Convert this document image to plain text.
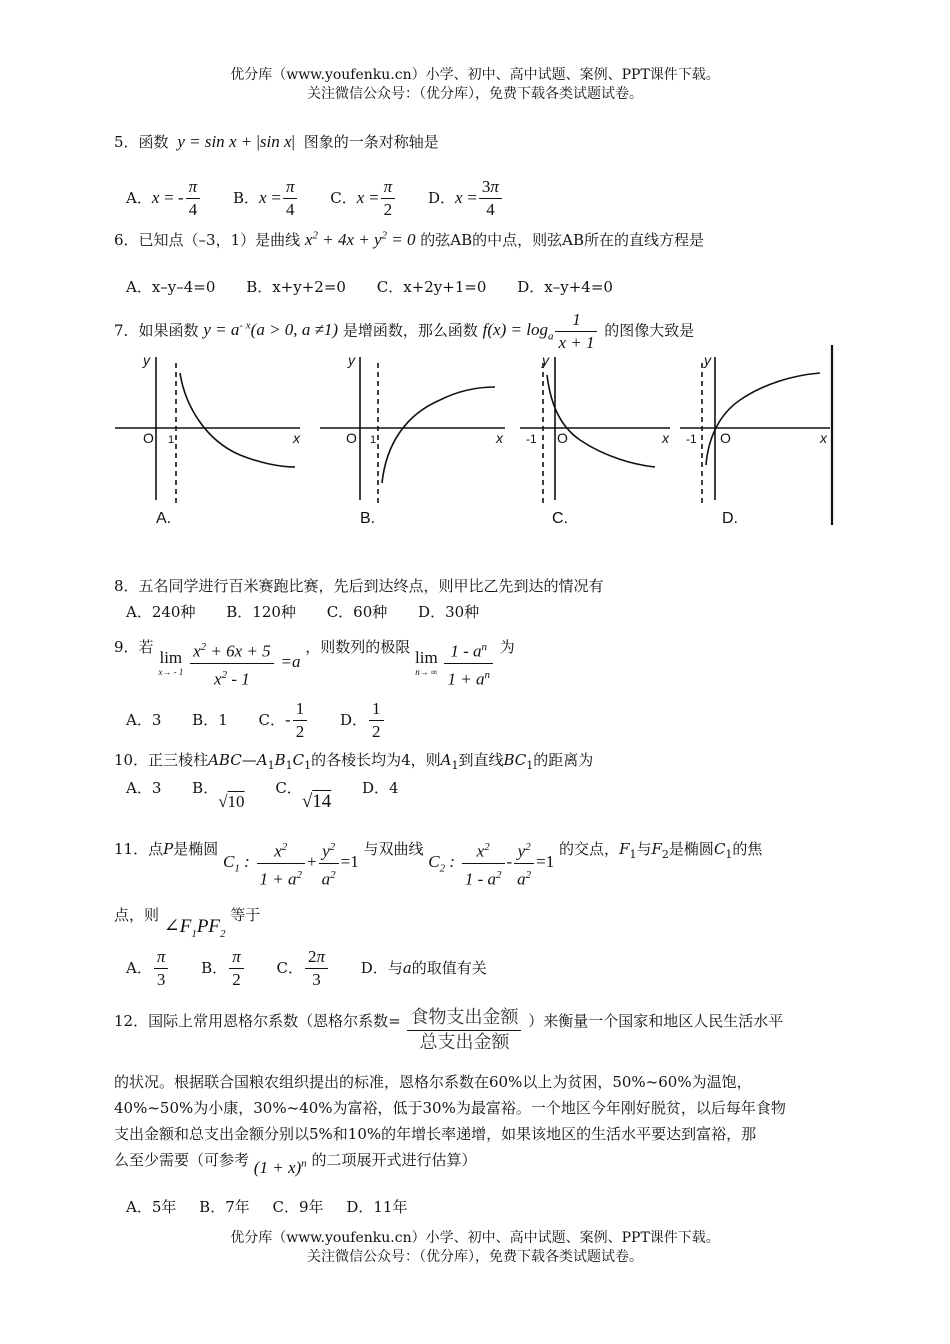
优分库（www.youfenku.cn）小学、初中、高中试题、案例、PPT课件下载。
关注微信公众号：（优分库），免费下载各类试题试卷。
5．函数 y = sin x + |sin x| 图象的一条对称轴是
A．x = - $\frac{\pi}{4}$ B．$x = \frac{\pi}{4}$ C．$x = \frac{\pi}{2}$ D．$x = \frac{3\pi}{4}$
6．已知点（–3，1）是曲线 $x^2 + 4x + y^2 = 0$ 的弦AB的中点，则弦AB所在的直线方程是
A．x–y–4=0 B．x+y+2=0 C．x+2y+1=0 D．x–y+4=0
7．如果函数 $y = a^{- x}(a > 0$, a ≠1) 是增函数，那么函数 $f(x) = \log_a \frac{1}{x + 1}$ 的图像大致是
y
O 1	x
A.
y
O 1	x
B.
y
-1 O	x
C.
y
-1 O	x
D.
8．五名同学进行百米赛跑比赛，先后到达终点，则甲比乙先到达的情况有
A．240种 B．120种 C．60种 D．30种
9．若
lim
x→ - 1
$\frac{x^2 + 6x + 5}{x^2 - 1} =a$ ，则数列的极限
lim
n→ ∞
$\frac{1 - a^n}{1 + a^n}$ 为
A．3 B．1 C．- $\frac{1}{2}$ D． $\frac{1}{2}$
10．正三棱柱$ABC—A_1B_1C_1$的各棱长均为4，则$A_1$到直线$BC_1$的距离为
A．3 B．√10 C．√14 D．4
11．点P是椭圆 $C_1$ : $\frac{x^2}{1 + a^2} + \frac{y^2}{a^2} =1$ 与双曲线 $C_2$ : $\frac{x^2}{1 - a^2} - \frac{y^2}{a^2} =1$ 的交点，$F_1$与$F_2$是椭圆$C_1$的焦
点，则 $\angle F_1PF_2$ 等于
A． $\frac{\pi}{3}$ B． $\frac{\pi}{2}$ C． $\frac{2\pi}{3}$ D．与a的取值有关
12．国际上常用恩格尔系数（恩格尔系数= $\frac{\text{食物支出金额}}{\text{总支出金额}}$ ）来衡量一个国家和地区人民生活水平
的状况。根据联合国粮农组织提出的标准，恩格尔系数在60%以上为贫困，50%~60%为温饱，
40%~50%为小康，30%~40%为富裕，低于30%为最富裕。一个地区今年刚好脱贫，以后每年食物
支出金额和总支出金额分别以5%和10%的年增长率递增，如果该地区的生活水平要达到富裕，那
么至少需要（可参考 $(1 + x)^n$ 的二项展开式进行估算）
A．5年 B．7年 C．9年 D．11年
优分库（www.youfenku.cn）小学、初中、高中试题、案例、PPT课件下载。
关注微信公众号：（优分库），免费下载各类试题试卷。
